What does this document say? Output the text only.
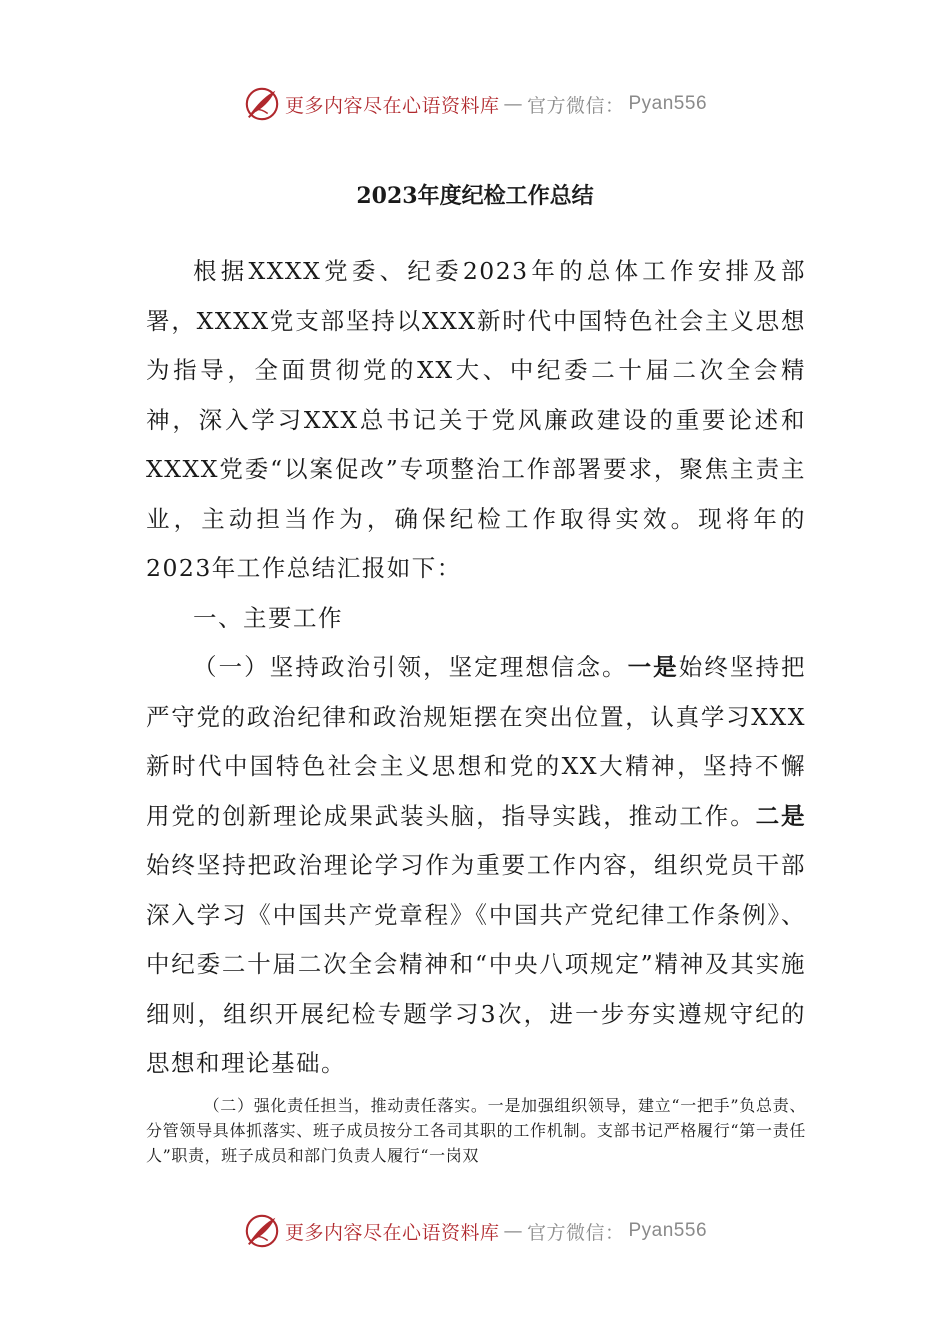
更多内容尽在心语资料库 — 官方微信： Pyan556
2023年度纪检工作总结

根据XXXX党委、纪委2023年的总体工作安排及部署，XXXX党支部坚持以XXX新时代中国特色社会主义思想为指导，全面贯彻党的XX大、中纪委二十届二次全会精神，深入学习XXX总书记关于党风廉政建设的重要论述和XXXX党委“以案促改”专项整治工作部署要求，聚焦主责主业，主动担当作为，确保纪检工作取得实效。现将年的2023年工作总结汇报如下：

一、主要工作

（一）坚持政治引领，坚定理想信念。一是始终坚持把严守党的政治纪律和政治规矩摆在突出位置，认真学习XXX新时代中国特色社会主义思想和党的XX大精神，坚持不懈用党的创新理论成果武装头脑，指导实践，推动工作。二是始终坚持把政治理论学习作为重要工作内容，组织党员干部深入学习《中国共产党章程》《中国共产党纪律工作条例》、中纪委二十届二次全会精神和“中央八项规定”精神及其实施细则，组织开展纪检专题学习3次，进一步夯实遵规守纪的思想和理论基础。

（二）强化责任担当，推动责任落实。一是加强组织领导，建立“一把手”负总责、分管领导具体抓落实、班子成员按分工各司其职的工作机制。支部书记严格履行“第一责任人”职责，班子成员和部门负责人履行“一岗双

更多内容尽在心语资料库 — 官方微信： Pyan556
